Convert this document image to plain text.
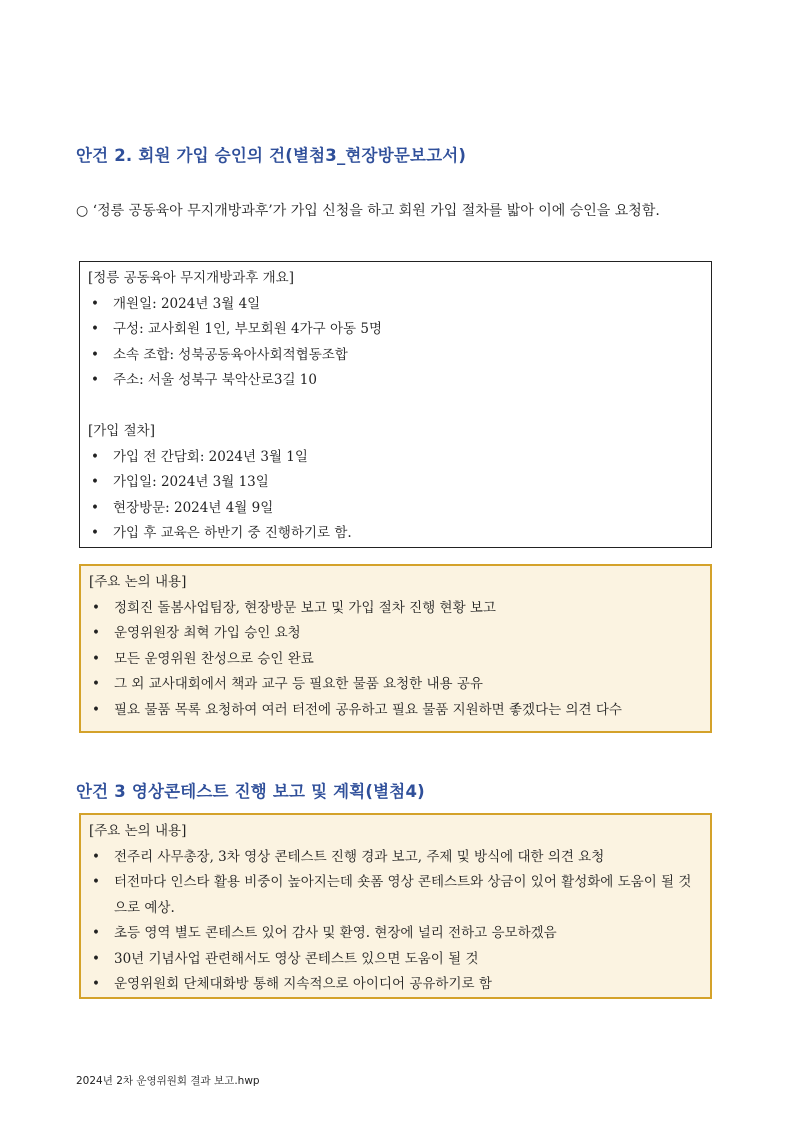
안건 2. 회원 가입 승인의 건(별첨3_현장방문보고서)
○ ‘정릉 공동육아 무지개방과후’가 가입 신청을 하고 회원 가입 절차를 밟아 이에 승인을 요청함.
[정릉 공동육아 무지개방과후 개요]
• 개원일: 2024년 3월 4일
• 구성: 교사회원 1인, 부모회원 4가구 아동 5명
• 소속 조합: 성북공동육아사회적협동조합
• 주소: 서울 성북구 북악산로3길 10
[가입 절차]
• 가입 전 간담회: 2024년 3월 1일
• 가입일: 2024년 3월 13일
• 현장방문: 2024년 4월 9일
• 가입 후 교육은 하반기 중 진행하기로 함.
[주요 논의 내용]
• 정희진 돌봄사업팀장, 현장방문 보고 및 가입 절차 진행 현황 보고
• 운영위원장 최혁 가입 승인 요청
• 모든 운영위원 찬성으로 승인 완료
• 그 외 교사대회에서 책과 교구 등 필요한 물품 요청한 내용 공유
• 필요 물품 목록 요청하여 여러 터전에 공유하고 필요 물품 지원하면 좋겠다는 의견 다수
안건 3 영상콘테스트 진행 보고 및 계획(별첨4)
[주요 논의 내용]
• 전주리 사무총장, 3차 영상 콘테스트 진행 경과 보고, 주제 및 방식에 대한 의견 요청
• 터전마다 인스타 활용 비중이 높아지는데 숏폼 영상 콘테스트와 상금이 있어 활성화에 도움이 될 것으로 예상.
• 초등 영역 별도 콘테스트 있어 감사 및 환영. 현장에 널리 전하고 응모하겠음
• 30년 기념사업 관련해서도 영상 콘테스트 있으면 도움이 될 것
• 운영위원회 단체대화방 통해 지속적으로 아이디어 공유하기로 함
2024년 2차 운영위원회 결과 보고.hwp
